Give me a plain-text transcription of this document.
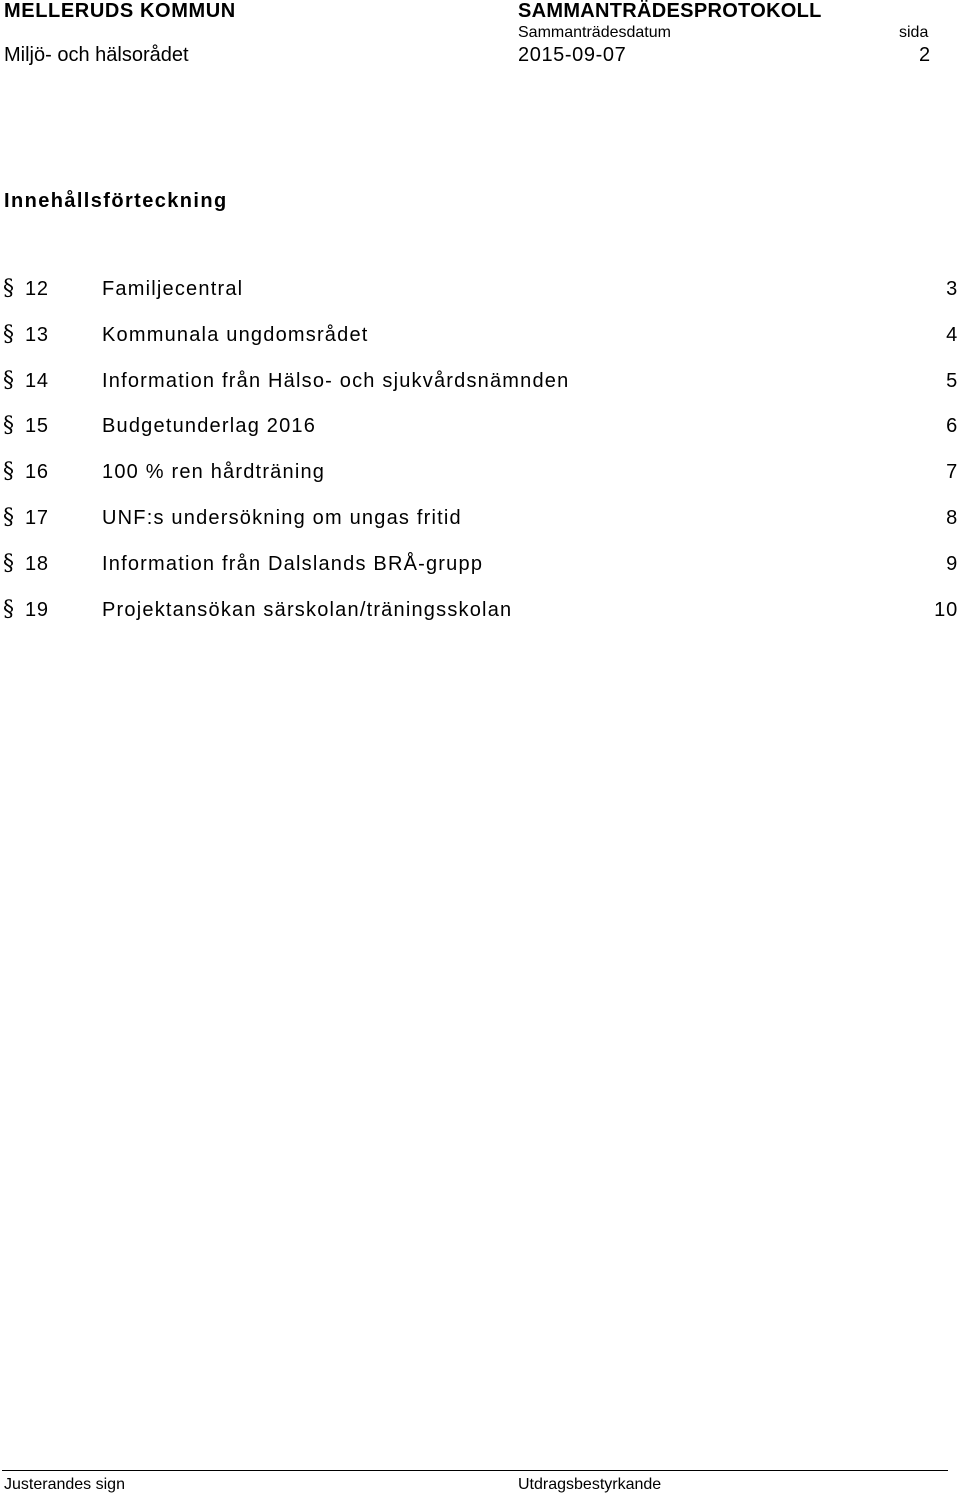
MELLERUDS KOMMUN
Miljö- och hälsorådet
SAMMANTRÄDESPROTOKOLL
Sammanträdesdatum
2015-09-07
sida
2
Innehållsförteckning
§ 12	Familjecentral	3
§ 13	Kommunala ungdomsrådet	4
§ 14	Information från Hälso- och sjukvårdsnämnden	5
§ 15	Budgetunderlag 2016	6
§ 16	100 % ren hårdträning	7
§ 17	UNF:s undersökning om ungas fritid	8
§ 18	Information från Dalslands BRÅ-grupp	9
§ 19	Projektansökan särskolan/träningsskolan	10
Justerandes sign	Utdragsbestyrkande
